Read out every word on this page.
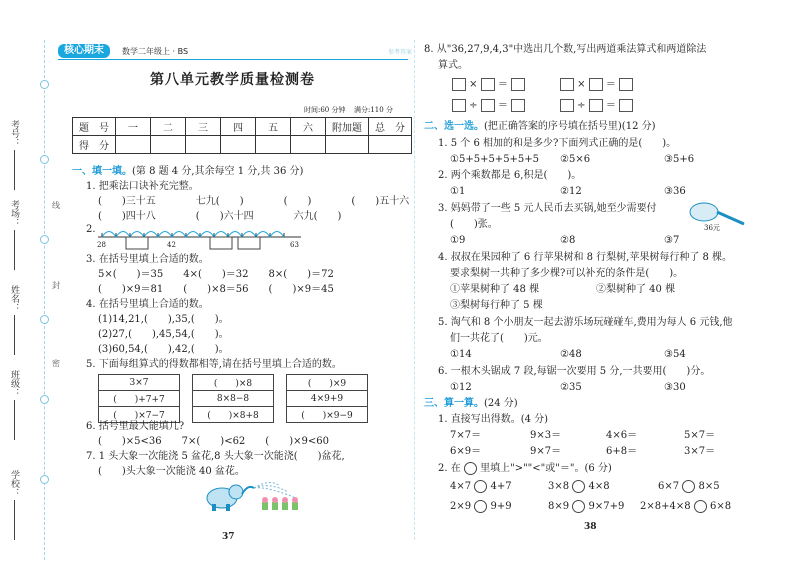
考号：
考场：
姓名：
班级：
学校：
线
封
密
核心期末	数学二年级上 · BS	参考答案
第八单元教学质量检测卷
时间:60 分钟 满分:110 分
题　号	一	二	三	四	五	六	附加题	总　分
得　分								
一、填一填。(第 8 题 4 分,其余每空 1 分,共 36 分)
1. 把乘法口诀补充完整。
(　　)三十五　　　　七九(　　)　　　　(　　)　　　　(　　)五十六
(　　)四十八　　　　(　　)六十四　　　　六九(　　)
2.
28	42	63
3. 在括号里填上合适的数。
5×(　　)＝35　　4×(　　)＝32　　8×(　　)＝72
(　　)×9＝81　　(　　)×8＝56　　(　　)×9＝45
4. 在括号里填上合适的数。
(1)14,21,(　　),35,(　　)。
(2)27,(　　),45,54,(　　)。
(3)60,54,(　　),42,(　　)。
5. 下面每组算式的得数都相等,请在括号里填上合适的数。
3×7
(　　)+7+7
(　　)×7−7
(　　)×8
8×8−8
(　　)×8+8
(　　)×9
4×9+9
(　　)×9−9
6. 括号里最大能填几?
(　　)×5<36　　7×(　　)<62　　(　　)×9<60
7. 1 头大象一次能浇 5 盆花,8 头大象一次能浇(　　)盆花,
(　　)头大象一次能浇 40 盆花。
37
8. 从"36,27,9,4,3"中选出几个数,写出两道乘法算式和两道除法
算式。
×  ＝	×  ＝
÷  ＝	÷  ＝
二、选一选。(把正确答案的序号填在括号里)(12 分)
1. 5 个 6 相加的和是多少?下面列式正确的是(　　)。
①5+5+5+5+5+5 ②5×6	③5+6
2. 两个乘数都是 6,积是(　　)。
①1	②12	③36
3. 妈妈带了一些 5 元人民币去买锅,她至少需要付
(　　)张。	36元
①9	②8	③7
4. 叔叔在果园种了 6 行苹果树和 8 行梨树,苹果树每行种了 8 棵。
要求梨树一共种了多少棵?可以补充的条件是(　　)。
①苹果树种了 48 棵	②梨树种了 40 棵
③梨树每行种了 5 棵
5. 淘气和 8 个小朋友一起去游乐场玩碰碰车,费用为每人 6 元钱,他
们一共花了(　　)元。
①14	②48	③54
6. 一根木头锯成 7 段,每锯一次要用 5 分,一共要用(　　)分。
①12	②35	③30
三、算一算。(24 分)
1. 直接写出得数。(4 分)
7×7＝	9×3＝	4×6＝	5×7＝
6×9＝	9×7＝	6+8＝	3×7＝
2. 在 里填上">""<"或"＝"。(6 分)
4×7 4+7	3×8 4×8	6×7 8×5
2×9 9+9	8×9 9×7+9 2×8+4×8 6×8
38
